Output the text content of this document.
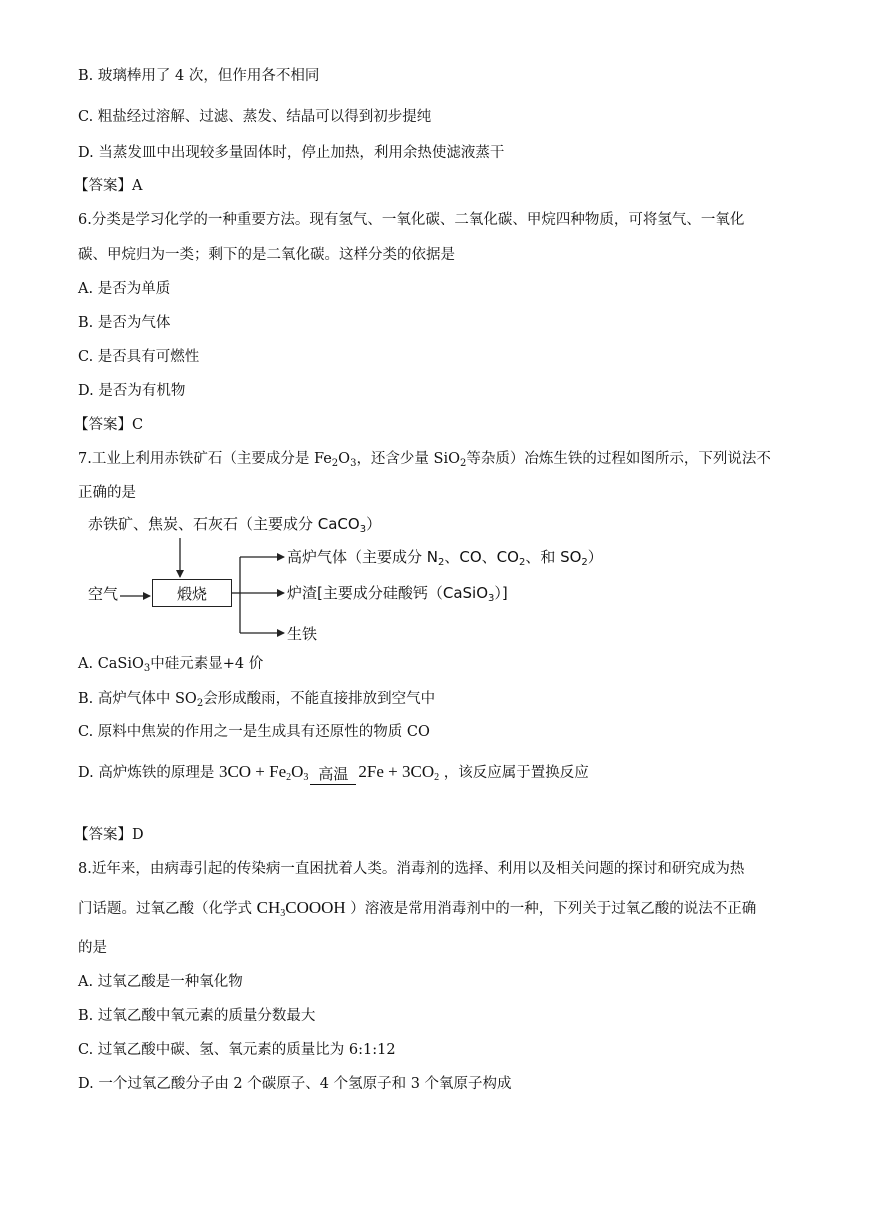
B. 玻璃棒用了 4 次，但作用各不相同
C. 粗盐经过溶解、过滤、蒸发、结晶可以得到初步提纯
D. 当蒸发皿中出现较多量固体时，停止加热，利用余热使滤液蒸干
【答案】A
6.分类是学习化学的一种重要方法。现有氢气、一氧化碳、二氧化碳、甲烷四种物质，可将氢气、一氧化
碳、甲烷归为一类；剩下的是二氧化碳。这样分类的依据是
A. 是否为单质
B. 是否为气体
C. 是否具有可燃性
D. 是否为有机物
【答案】C
7.工业上利用赤铁矿石（主要成分是 $Fe_2O_3$，还含少量 SiO$_2$等杂质）冶炼生铁的过程如图所示，下列说法不
正确的是
赤铁矿、焦炭、石灰石（主要成分 CaCO$_3$）
空气	煅烧
高炉气体（主要成分 $N_2$、CO、$CO_2$、和 $SO_2$）
炉渣[主要成分硅酸钙（CaSiO$_3$）]
生铁
A. CaSiO$_3$中硅元素显+4 价
B. 高炉气体中 $SO_2$会形成酸雨，不能直接排放到空气中
C. 原料中焦炭的作用之一是生成具有还原性的物质 CO
D. 高炉炼铁的原理是 $3CO + Fe_2O_3$ 高温 $2Fe + 3CO_2$ ，该反应属于置换反应
【答案】D
8.近年来，由病毒引起的传染病一直困扰着人类。消毒剂的选择、利用以及相关问题的探讨和研究成为热
门话题。过氧乙酸（化学式 $CH_3COOOH$ ）溶液是常用消毒剂中的一种，下列关于过氧乙酸的说法不正确
的是
A. 过氧乙酸是一种氧化物
B. 过氧乙酸中氧元素的质量分数最大
C. 过氧乙酸中碳、氢、氧元素的质量比为 6:1:12
D. 一个过氧乙酸分子由 2 个碳原子、4 个氢原子和 3 个氧原子构成
